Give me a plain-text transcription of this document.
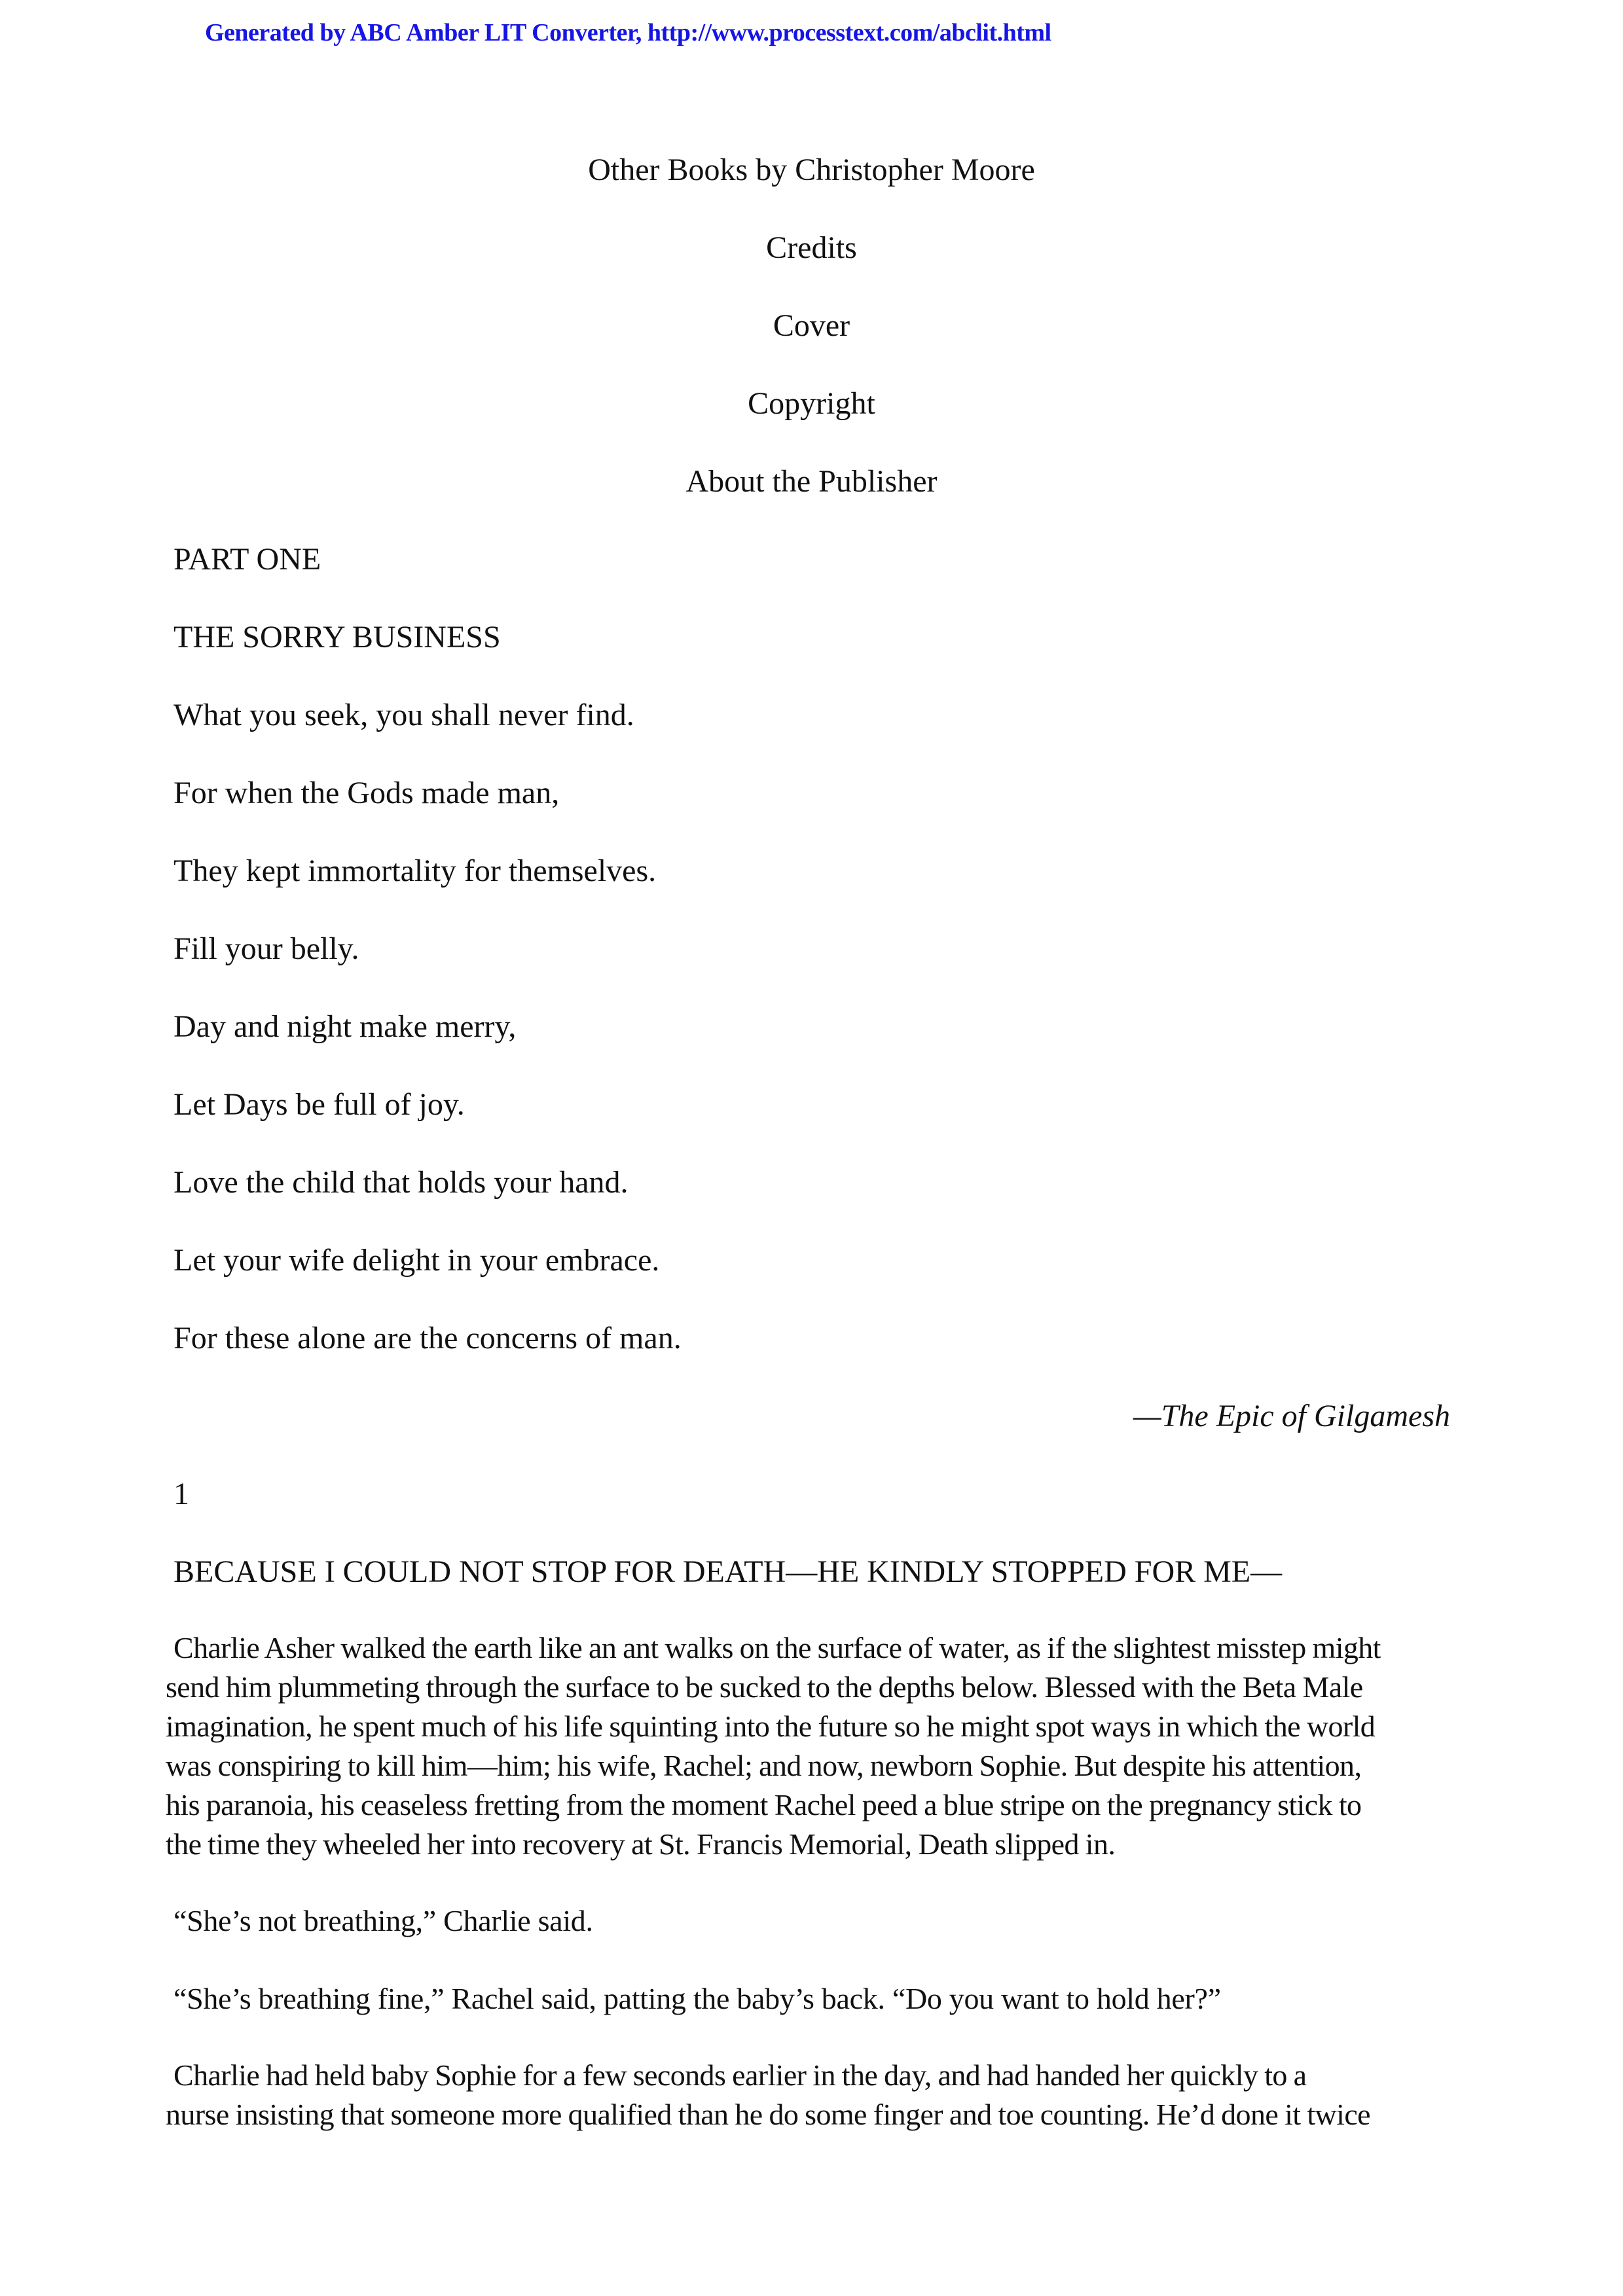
Generated by ABC Amber LIT Converter, http://www.processtext.com/abclit.html
Other Books by Christopher Moore
Credits
Cover
Copyright
About the Publisher
PART ONE
THE SORRY BUSINESS
What you seek, you shall never find.
For when the Gods made man,
They kept immortality for themselves.
Fill your belly.
Day and night make merry,
Let Days be full of joy.
Love the child that holds your hand.
Let your wife delight in your embrace.
For these alone are the concerns of man.
—The Epic of Gilgamesh
1
BECAUSE I COULD NOT STOP FOR DEATH—HE KINDLY STOPPED FOR ME—
Charlie Asher walked the earth like an ant walks on the surface of water, as if the slightest misstep might
send him plummeting through the surface to be sucked to the depths below. Blessed with the Beta Male
imagination, he spent much of his life squinting into the future so he might spot ways in which the world
was conspiring to kill him—him; his wife, Rachel; and now, newborn Sophie. But despite his attention,
his paranoia, his ceaseless fretting from the moment Rachel peed a blue stripe on the pregnancy stick to
the time they wheeled her into recovery at St. Francis Memorial, Death slipped in.
“She’s not breathing,” Charlie said.
“She’s breathing fine,” Rachel said, patting the baby’s back. “Do you want to hold her?”
Charlie had held baby Sophie for a few seconds earlier in the day, and had handed her quickly to a
nurse insisting that someone more qualified than he do some finger and toe counting. He’d done it twice
